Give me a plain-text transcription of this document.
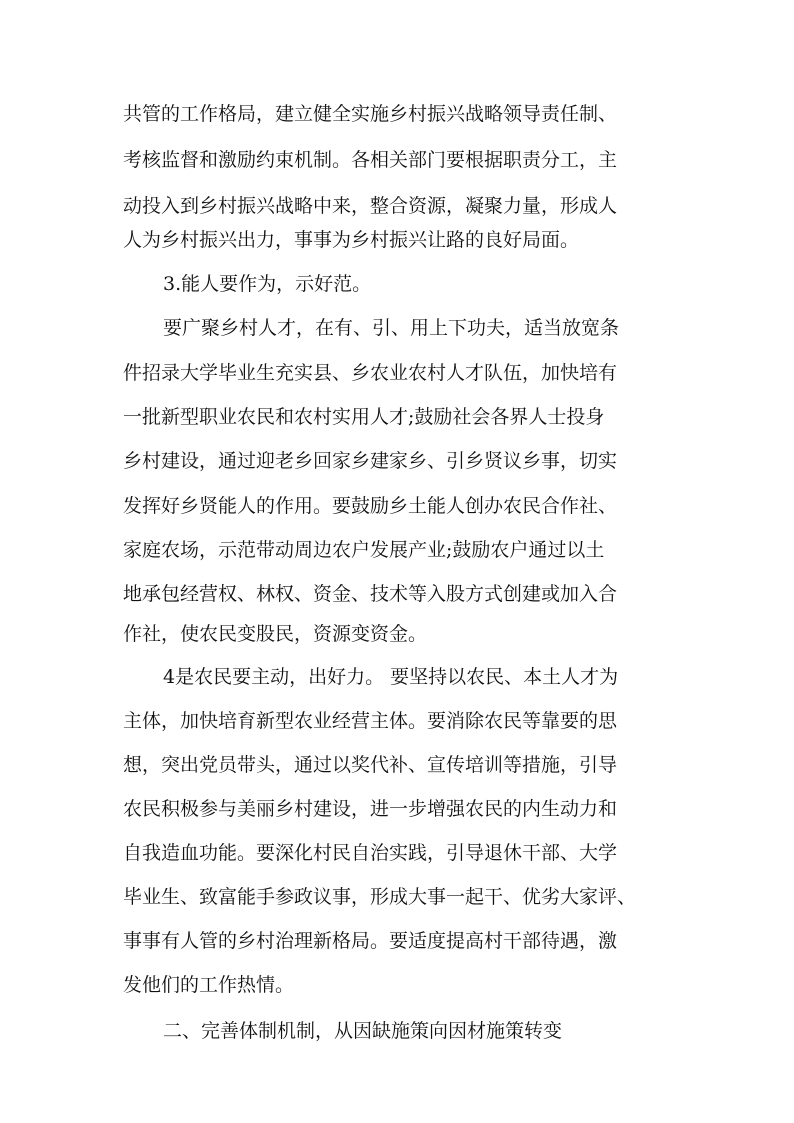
共管的工作格局，建立健全实施乡村振兴战略领导责任制、
考核监督和激励约束机制。各相关部门要根据职责分工，主
动投入到乡村振兴战略中来，整合资源，凝聚力量，形成人
人为乡村振兴出力，事事为乡村振兴让路的良好局面。
3.能人要作为，示好范。
要广聚乡村人才，在有、引、用上下功夫，适当放宽条
件招录大学毕业生充实县、乡农业农村人才队伍，加快培有
一批新型职业农民和农村实用人才;鼓励社会各界人士投身
乡村建设，通过迎老乡回家乡建家乡、引乡贤议乡事，切实
发挥好乡贤能人的作用。要鼓励乡土能人创办农民合作社、
家庭农场，示范带动周边农户发展产业;鼓励农户通过以土
地承包经营权、林权、资金、技术等入股方式创建或加入合
作社，使农民变股民，资源变资金。
4是农民要主动，出好力。 要坚持以农民、本土人才为
主体，加快培育新型农业经营主体。要消除农民等靠要的思
想，突出党员带头，通过以奖代补、宣传培训等措施，引导
农民积极参与美丽乡村建设，进一步增强农民的内生动力和
自我造血功能。要深化村民自治实践，引导退休干部、大学
毕业生、致富能手参政议事，形成大事一起干、优劣大家评、
事事有人管的乡村治理新格局。要适度提高村干部待遇，激
发他们的工作热情。
二、完善体制机制，从因缺施策向因材施策转变
